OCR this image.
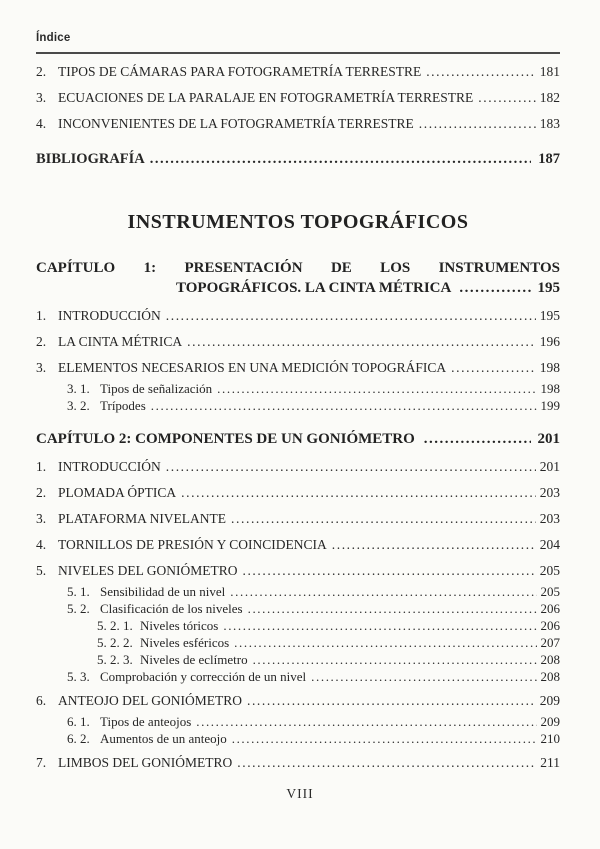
Índice
2. TIPOS DE CÁMARAS PARA FOTOGRAMETRÍA TERRESTRE .....	181
3. ECUACIONES DE LA PARALAJE EN FOTOGRAMETRÍA TERRESTRE .....	182
4. INCONVENIENTES DE LA FOTOGRAMETRÍA TERRESTRE .....	183
BIBLIOGRAFÍA .....	187
INSTRUMENTOS TOPOGRÁFICOS
CAPÍTULO 1: PRESENTACIÓN DE LOS INSTRUMENTOS
TOPOGRÁFICOS. LA CINTA MÉTRICA .....	195
1. INTRODUCCIÓN .....	195
2. LA CINTA MÉTRICA .....	196
3. ELEMENTOS NECESARIOS EN UNA MEDICIÓN TOPOGRÁFICA .....	198
3. 1. Tipos de señalización .....	198
3. 2. Trípodes .....	199
CAPÍTULO 2: COMPONENTES DE UN GONIÓMETRO .....	201
1. INTRODUCCIÓN .....	201
2. PLOMADA ÓPTICA .....	203
3. PLATAFORMA NIVELANTE .....	203
4. TORNILLOS DE PRESIÓN Y COINCIDENCIA .....	204
5. NIVELES DEL GONIÓMETRO .....	205
5. 1. Sensibilidad de un nivel .....	205
5. 2. Clasificación de los niveles .....	206
5. 2. 1. Niveles tóricos .....	206
5. 2. 2. Niveles esféricos .....	207
5. 2. 3. Niveles de eclímetro .....	208
5. 3. Comprobación y corrección de un nivel .....	208
6. ANTEOJO DEL GONIÓMETRO .....	209
6. 1. Tipos de anteojos .....	209
6. 2. Aumentos de un anteojo .....	210
7. LIMBOS DEL GONIÓMETRO .....	211
VIII
